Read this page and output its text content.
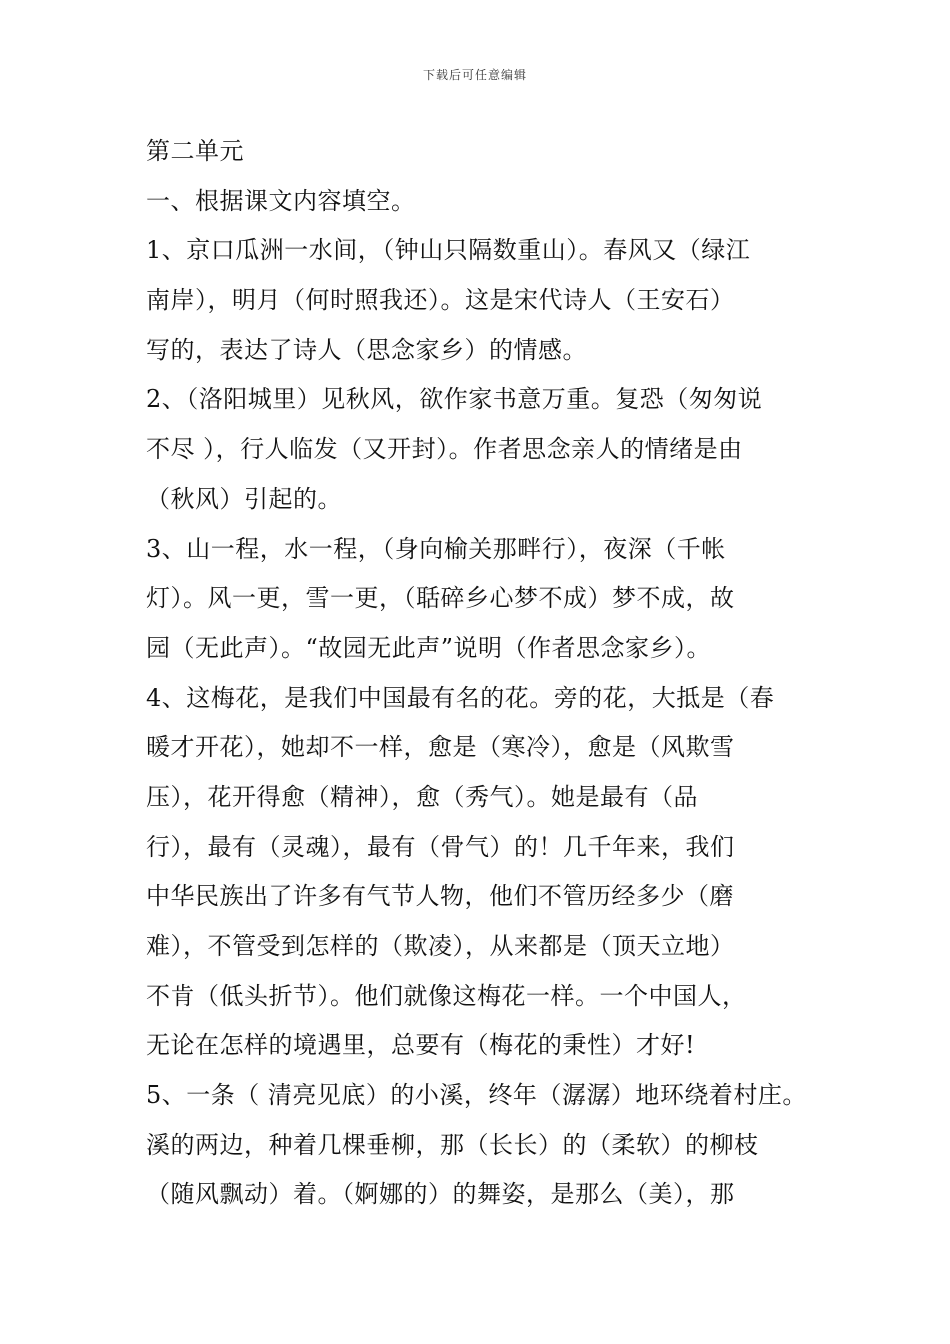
下载后可任意编辑
第二单元
一、根据课文内容填空。
1、京口瓜洲一水间，（钟山只隔数重山）。春风又（绿江
南岸），明月（何时照我还）。这是宋代诗人（王安石）
写的，表达了诗人（思念家乡）的情感。
2、（洛阳城里）见秋风，欲作家书意万重。复恐（匆匆说
不尽 ），行人临发（又开封）。作者思念亲人的情绪是由
（秋风）引起的。
3、山一程，水一程，（身向榆关那畔行），夜深（千帐
灯）。风一更，雪一更，（聒碎乡心梦不成）梦不成，故
园（无此声）。“故园无此声”说明（作者思念家乡）。
4、这梅花，是我们中国最有名的花。旁的花，大抵是（春
暖才开花），她却不一样，愈是（寒冷），愈是（风欺雪
压），花开得愈（精神），愈（秀气）。她是最有（品
行），最有（灵魂），最有（骨气）的！几千年来，我们
中华民族出了许多有气节人物，他们不管历经多少（磨
难），不管受到怎样的（欺凌），从来都是（顶天立地）
不肯（低头折节）。他们就像这梅花一样。一个中国人，
无论在怎样的境遇里，总要有（梅花的秉性）才好!
5、一条（ 清亮见底）的小溪，终年（潺潺）地环绕着村庄。
溪的两边，种着几棵垂柳，那（长长）的（柔软）的柳枝
（随风飘动）着。（婀娜的）的舞姿，是那么（美），那
